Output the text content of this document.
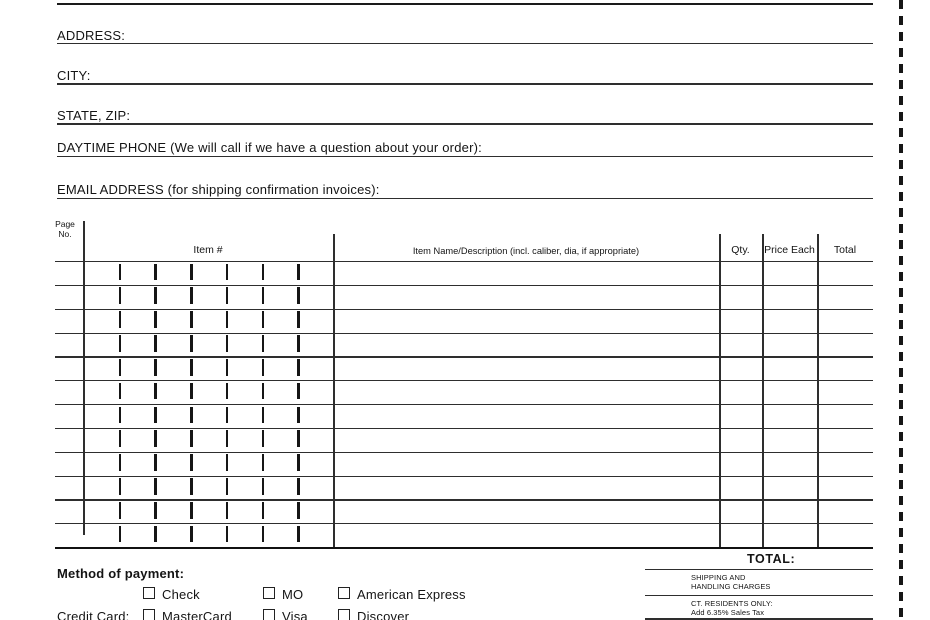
ADDRESS:
CITY:
STATE, ZIP:
DAYTIME PHONE (We will call if we have a question about your order):
EMAIL ADDRESS (for shipping confirmation invoices):
Page
No.
Item #	Item Name/Description (incl. caliber, dia, if appropriate)	Qty.	Price Each	Total
Method of payment:
Check	MO	American Express
Credit Card:	MasterCard	Visa	Discover
TOTAL:
SHIPPING AND
HANDLING CHARGES
CT. RESIDENTS ONLY:
Add 6.35% Sales Tax
